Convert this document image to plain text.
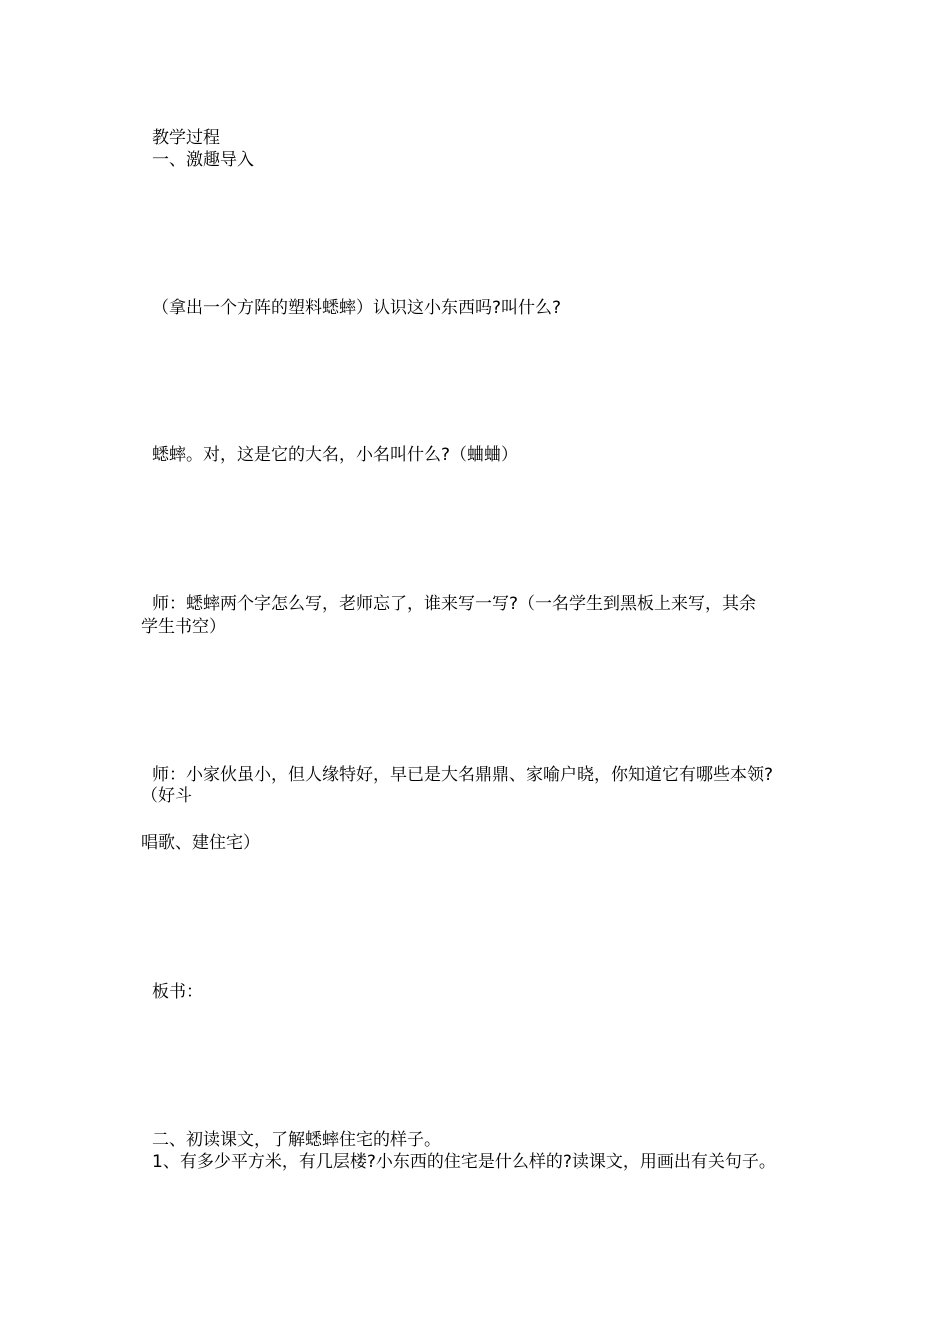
教学过程
一、激趣导入
（拿出一个方阵的塑料蟋蟀）认识这小东西吗?叫什么?
蟋蟀。对，这是它的大名，小名叫什么?（蛐蛐）
师：蟋蟀两个字怎么写，老师忘了，谁来写一写?（一名学生到黑板上来写，其余
学生书空）
师：小家伙虽小，但人缘特好，早已是大名鼎鼎、家喻户晓，你知道它有哪些本领?
（好斗
唱歌、建住宅）
板书：
二、初读课文，了解蟋蟀住宅的样子。
1、有多少平方米，有几层楼?小东西的住宅是什么样的?读课文，用画出有关句子。
